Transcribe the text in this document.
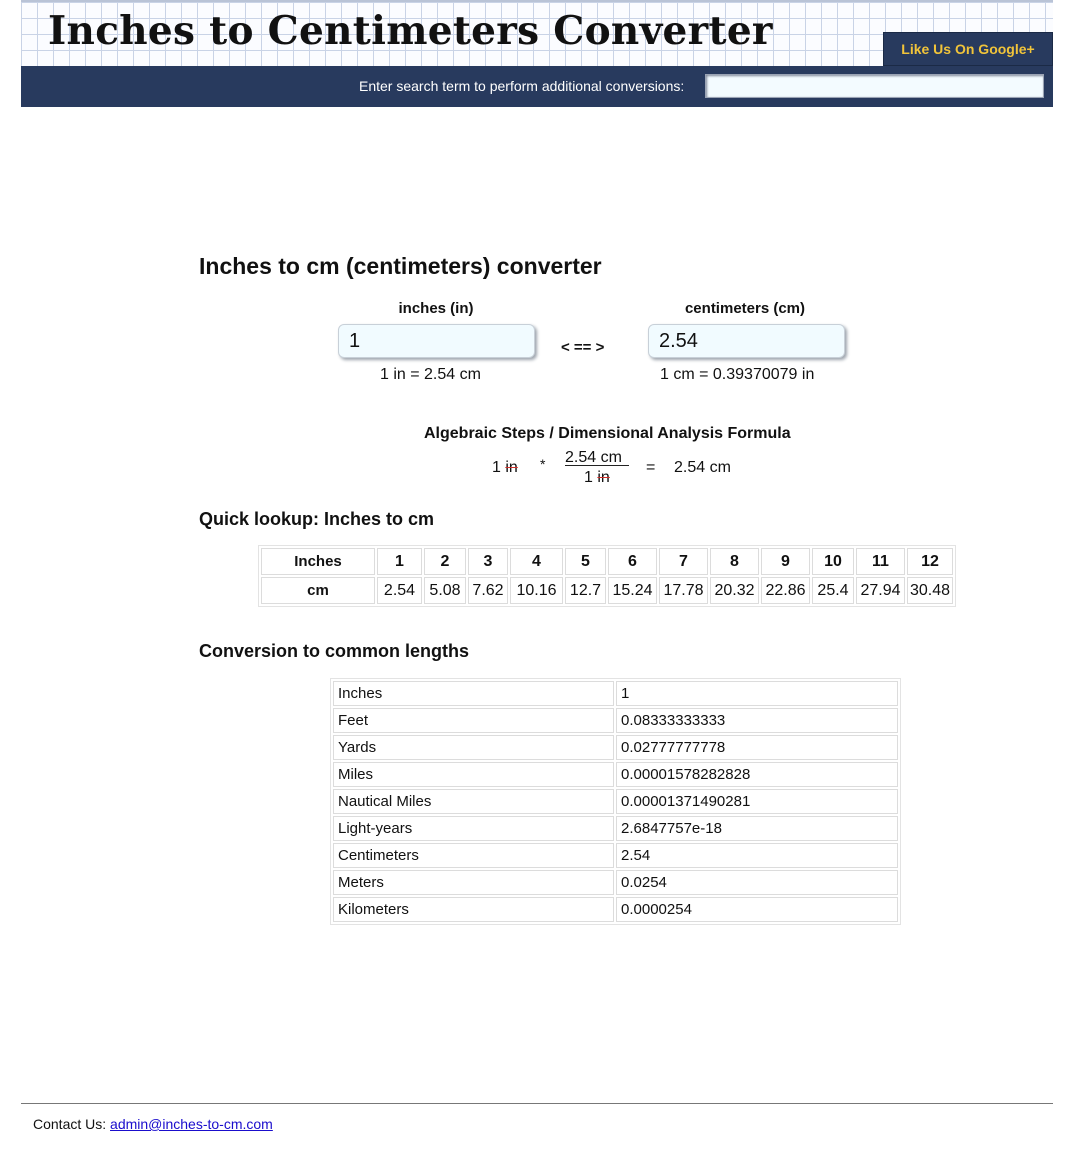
Inches to Centimeters Converter	Like Us On Google+
Enter search term to perform additional conversions:
Inches to cm (centimeters) converter
inches (in)	centimeters (cm)
1
< == >
2.54
1 in = 2.54 cm	1 cm = 0.39370079 in
Algebraic Steps / Dimensional Analysis Formula
1 in * 2.54 cm
1 in
= 2.54 cm
Quick lookup: Inches to cm
Inches	1	2	3	4	5	6	7	8	9	10	11	12
cm	2.54	5.08	7.62	10.16	12.7	15.24	17.78	20.32	22.86	25.4	27.94	30.48
Conversion to common lengths
Inches	1
Feet	0.08333333333
Yards	0.02777777778
Miles	0.00001578282828
Nautical Miles	0.00001371490281
Light-years	2.6847757e-18
Centimeters	2.54
Meters	0.0254
Kilometers	0.0000254
Contact Us: admin@inches-to-cm.com
